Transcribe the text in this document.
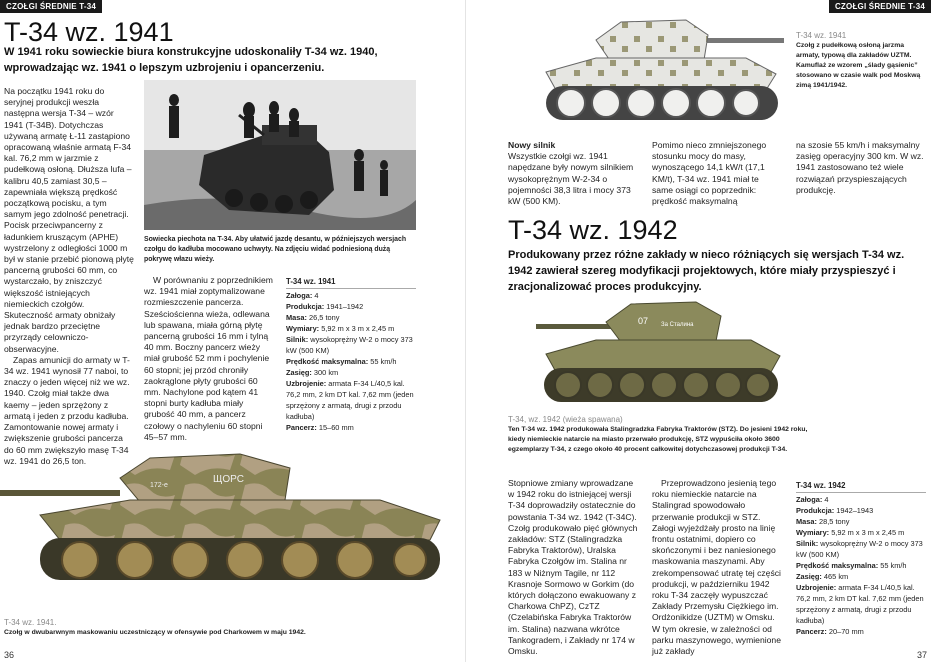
CZOŁGI ŚREDNIE T-34
T-34 wz. 1941
W 1941 roku sowieckie biura konstrukcyjne udoskonaliły T-34 wz. 1940, wprowadzając wz. 1941 o lepszym uzbrojeniu i opancerzeniu.

Na początku 1941 roku do seryjnej produkcji weszła następna wersja T-34 – wzór 1941 (T-34B). Dotychczas używaną armatę Ł-11 zastąpiono opracowaną właśnie armatą F-34 kal. 76,2 mm w jarzmie z pudełkową osłoną. Dłuższa lufa – kalibru 40,5 zamiast 30,5 – zapewniała większą prędkość początkową pocisku, a tym samym jego zdolność penetracji. Pocisk przeciwpancerny z ładunkiem kruszącym (APHE) wystrzelony z odległości 1000 m był w stanie przebić pionową płytę pancerną grubości 60 mm, co wystarczało, by zniszczyć większość istniejących niemieckich czołgów. Skuteczność armaty obniżały jednak bardzo przeciętne przyrządy celowniczo-obserwacyjne.

Zapas amunicji do armaty w T-34 wz. 1941 wynosił 77 naboi, to znaczy o jeden więcej niż we wz. 1940. Czołg miał także dwa kaemy – jeden sprzężony z armatą i jeden z przodu kadłuba. Zamontowanie nowej armaty i zwiększenie grubości pancerza do 60 mm zwiększyło masę T-34 wz. 1941 do 26,5 ton.

Sowiecka piechota na T-34. Aby ułatwić jazdę desantu, w późniejszych wersjach czołgu do kadłuba mocowano uchwyty. Na zdjęciu widać podniesioną dużą pokrywę włazu wieży.

W porównaniu z poprzednikiem wz. 1941 miał zoptymalizowane rozmieszczenie pancerza. Sześciościenna wieża, odlewana lub spawana, miała górną płytę pancerną grubości 16 mm i tylną 40 mm. Boczny pancerz wieży miał grubość 52 mm i pochylenie 60 stopni; jej przód chroniły zaokrąglone płyty grubości 60 mm. Nachylone pod kątem 41 stopni burty kadłuba miały grubość 40 mm, a pancerz czołowy o nachyleniu 60 stopni 45–57 mm.

T-34 wz. 1941
Załoga: 4
Produkcja: 1941–1942
Masa: 26,5 tony
Wymiary: 5,92 m x 3 m x 2,45 m
Silnik: wysokoprężny W-2 o mocy 373 kW (500 KM)
Prędkość maksymalna: 55 km/h
Zasięg: 300 km
Uzbrojenie: armata F-34 L/40,5 kal. 76,2 mm, 2 km DT kal. 7,62 mm (jeden sprzężony z armatą, drugi z przodu kadłuba)
Pancerz: 15–60 mm
172-е
ЩОРС
T-34 wz. 1941.
Czołg w dwubarwnym maskowaniu uczestniczący w ofensywie pod Charkowem w maju 1942.
36
CZOŁGI ŚREDNIE T-34
T-34 wz. 1941
Czołg z pudełkową osłoną jarzma armaty, typową dla zakładów UZTM. Kamuflaż ze wzorem „ślady gąsienic” stosowano w czasie walk pod Moskwą zimą 1941/1942.
Nowy silnik

Wszystkie czołgi wz. 1941 napędzane były nowym silnikiem wysokoprężnym W-2-34 o pojemności 38,3 litra i mocy 373 kW (500 KM).

Pomimo nieco zmniejszonego stosunku mocy do masy, wynoszącego 14,1 kW/t (17,1 KM/t), T-34 wz. 1941 miał te same osiągi co poprzednik: prędkość maksymalną
na szosie 55 km/h i maksymalny zasięg operacyjny 300 km. W wz. 1941 zastosowano też wiele rozwiązań przyspieszających produkcję.
T-34 wz. 1942
Produkowany przez różne zakłady w nieco różniących się wersjach T-34 wz. 1942 zawierał szereg modyfikacji projektowych, które miały przyspieszyć i zracjonalizować proces produkcyjny.
07 За Сталина
T-34, wz. 1942 (wieża spawana)
Ten T-34 wz. 1942 produkowała Stalingradzka Fabryka Traktorów (STZ). Do jesieni 1942 roku, kiedy niemieckie natarcie na miasto przerwało produkcję, STZ wypuściła około 3600 egzemplarzy T-34, z czego około 40 procent całkowitej dotychczasowej produkcji T-34.
Stopniowe zmiany wprowadzane w 1942 roku do istniejącej wersji T-34 doprowadziły ostatecznie do powstania T-34 wz. 1942 (T-34C). Czołg produkowało pięć głównych zakładów: STZ (Stalingradzka Fabryka Traktorów), Uralska Fabryka Czołgów im. Stalina nr 183 w Niżnym Tagile, nr 112 Krasnoje Sormowo w Gorkim (do których dołączono ewakuowany z Charkowa ChPZ), CzTZ (Czelabińska Fabryka Traktorów im. Stalina) nazwana wkrótce Tankogradem, i Zakłady nr 174 w Omsku.
Przeprowadzono jesienią tego roku niemieckie natarcie na Stalingrad spowodowało przerwanie produkcji w STZ. Załogi wyjeżdżały prosto na linię frontu ostatnimi, dopiero co skończonymi i bez naniesionego maskowania maszynami. Aby zrekompensować utratę tej części produkcji, w październiku 1942 roku T-34 zaczęły wypuszczać Zakłady Przemysłu Ciężkiego im. Ordżonikidze (UZTM) w Omsku. W tym okresie, w zależności od parku maszynowego, wymienione już zakłady
T-34 wz. 1942
Załoga: 4
Produkcja: 1942–1943
Masa: 28,5 tony
Wymiary: 5,92 m x 3 m x 2,45 m
Silnik: wysokoprężny W-2 o mocy 373 kW (500 KM)
Prędkość maksymalna: 55 km/h
Zasięg: 465 km
Uzbrojenie: armata F-34 L/40,5 kal. 76,2 mm, 2 km DT kal. 7,62 mm (jeden sprzężony z armatą, drugi z przodu kadłuba)
Pancerz: 20–70 mm
37
